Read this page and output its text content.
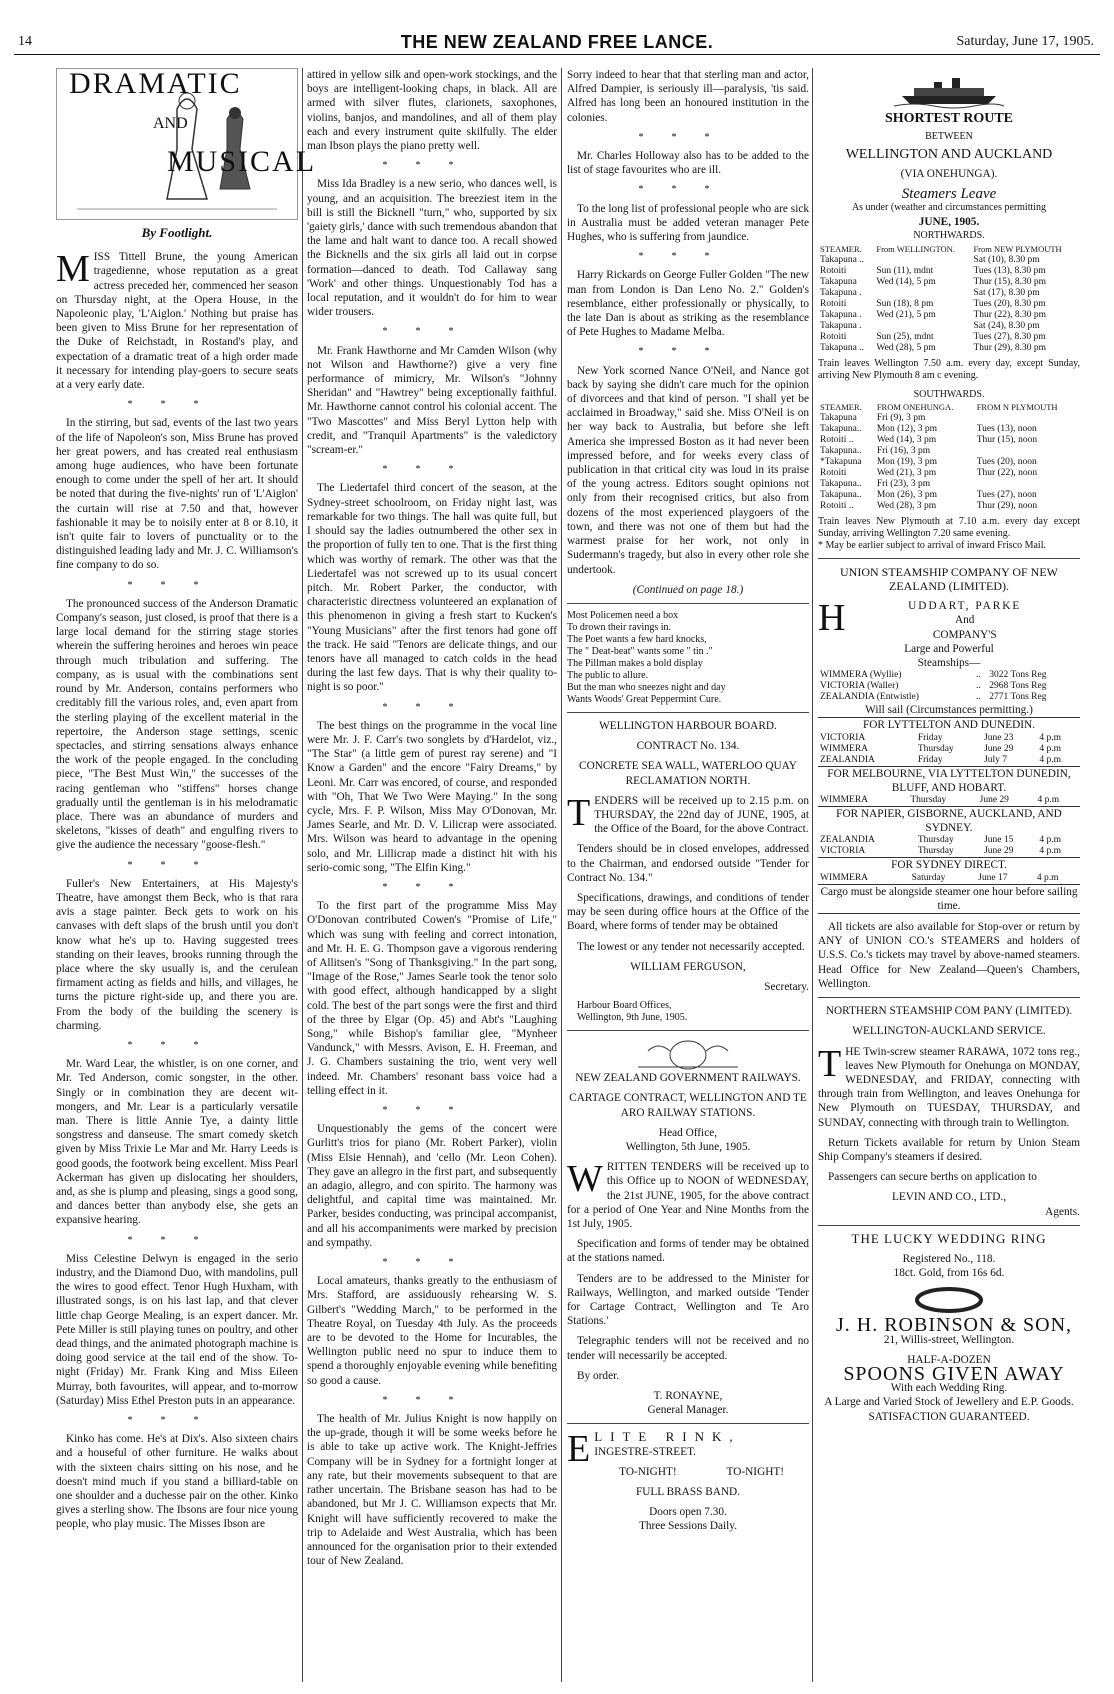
14	THE NEW ZEALAND FREE LANCE.	Saturday, June 17, 1905.
DRAMATIC
AND
MUSICAL
By Footlight.

MISS Tittell Brune, the young American tragedienne, whose reputation as a great actress preceded her, commenced her season on Thursday night, at the Opera House, in the Napoleonic play, 'L'Aiglon.' Nothing but praise has been given to Miss Brune for her representation of the Duke of Reichstadt, in Rostand's play, and expectation of a dramatic treat of a high order made it necessary for intending play-goers to secure seats at a very early date.

***

In the stirring, but sad, events of the last two years of the life of Napoleon's son, Miss Brune has proved her great powers, and has created real enthusiasm among huge audiences, who have been fortunate enough to come under the spell of her art. It should be noted that during the five-nights' run of 'L'Aiglon' the curtain will rise at 7.50 and that, however fashionable it may be to noisily enter at 8 or 8.10, it isn't quite fair to lovers of punctuality or to the distinguished leading lady and Mr. J. C. Williamson's fine company to do so.

***

The pronounced success of the Anderson Dramatic Company's season, just closed, is proof that there is a large local demand for the stirring stage stories wherein the suffering heroines and heroes win peace through much tribulation and suffering. The company, as is usual with the combinations sent round by Mr. Anderson, contains performers who creditably fill the various roles, and, even apart from the sterling playing of the excellent material in the repertoire, the Anderson stage settings, scenic spectacles, and stirring sensations always enhance the work of the people engaged. In the concluding piece, "The Best Must Win," the successes of the racing gentleman who "stiffens" horses change gradually until the gentleman is in his melodramatic place. There was an abundance of murders and skeletons, "kisses of death" and engulfing rivers to give the audience the necessary "goose-flesh."

***

Fuller's New Entertainers, at His Majesty's Theatre, have amongst them Beck, who is that rara avis a stage painter. Beck gets to work on his canvases with deft slaps of the brush until you don't know what he's up to. Having suggested trees standing on their leaves, brooks running through the place where the sky usually is, and the cerulean firmament acting as fields and hills, and villages, he turns the picture right-side up, and there you are. From the body of the building the scenery is charming.

***

Mr. Ward Lear, the whistler, is on one corner, and Mr. Ted Anderson, comic songster, in the other. Singly or in combination they are decent wit-mongers, and Mr. Lear is a particularly versatile man. There is little Annie Tye, a dainty little songstress and danseuse. The smart comedy sketch given by Miss Trixie Le Mar and Mr. Harry Leeds is good goods, the footwork being excellent. Miss Pearl Ackerman has given up dislocating her shoulders, and, as she is plump and pleasing, sings a good song, and dances better than anybody else, she gets an expansive hearing.

***

Miss Celestine Delwyn is engaged in the serio industry, and the Diamond Duo, with mandolins, pull the wires to good effect. Tenor Hugh Huxham, with illustrated songs, is on his last lap, and that clever little chap George Mealing, is an expert dancer. Mr. Pete Miller is still playing tunes on poultry, and other dead things, and the animated photograph machine is doing good service at the tail end of the show. To-night (Friday) Mr. Frank King and Miss Eileen Murray, both favourites, will appear, and to-morrow (Saturday) Miss Ethel Preston puts in an appearance.

***

Kinko has come. He's at Dix's. Also sixteen chairs and a houseful of other furniture. He walks about with the sixteen chairs sitting on his nose, and he doesn't mind much if you stand a billiard-table on one shoulder and a duchesse pair on the other. Kinko gives a sterling show. The Ibsons are four nice young people, who play music. The Misses Ibson are

attired in yellow silk and open-work stockings, and the boys are intelligent-looking chaps, in black. All are armed with silver flutes, clarionets, saxophones, violins, banjos, and mandolines, and all of them play each and every instrument quite skilfully. The elder man Ibson plays the piano pretty well.

***

Miss Ida Bradley is a new serio, who dances well, is young, and an acquisition. The breeziest item in the bill is still the Bicknell "turn," who, supported by six 'gaiety girls,' dance with such tremendous abandon that the lame and halt want to dance too. A recall showed the Bicknells and the six girls all laid out in corpse formation—danced to death. Tod Callaway sang 'Work' and other things. Unquestionably Tod has a local reputation, and it wouldn't do for him to wear wider trousers.

***

Mr. Frank Hawthorne and Mr Camden Wilson (why not Wilson and Hawthorne?) give a very fine performance of mimicry, Mr. Wilson's "Johnny Sheridan" and "Hawtrey" being exceptionally faithful. Mr. Hawthorne cannot control his colonial accent. The "Two Mascottes" and Miss Beryl Lytton help with credit, and "Tranquil Apartments" is the valedictory "scream-er."

***

The Liedertafel third concert of the season, at the Sydney-street schoolroom, on Friday night last, was remarkable for two things. The hall was quite full, but I should say the ladies outnumbered the other sex in the proportion of fully ten to one. That is the first thing which was worthy of remark. The other was that the Liedertafel was not screwed up to its usual concert pitch. Mr. Robert Parker, the conductor, with characteristic directness volunteered an explanation of this phenomenon in giving a fresh start to Kucken's "Young Musicians" after the first tenors had gone off the track. He said "Tenors are delicate things, and our tenors have all managed to catch colds in the head during the last few days. That is why their quality to-night is so poor."

***

The best things on the programme in the vocal line were Mr. J. F. Carr's two songlets by d'Hardelot, viz., "The Star" (a little gem of purest ray serene) and "I Know a Garden" and the encore "Fairy Dreams," by Leoni. Mr. Carr was encored, of course, and responded with "Oh, That We Two Were Maying." In the song cycle, Mrs. F. P. Wilson, Miss May O'Donovan, Mr. James Searle, and Mr. D. V. Lilicrap were associated. Mrs. Wilson was heard to advantage in the opening solo, and Mr. Lillicrap made a distinct hit with his serio-comic song, "The Elfin King."

***

To the first part of the programme Miss May O'Donovan contributed Cowen's "Promise of Life," which was sung with feeling and correct intonation, and Mr. H. E. G. Thompson gave a vigorous rendering of Allitsen's "Song of Thanksgiving." In the part song, "Image of the Rose," James Searle took the tenor solo with good effect, although handicapped by a slight cold. The best of the part songs were the first and third of the three by Elgar (Op. 45) and Abt's "Laughing Song," while Bishop's familiar glee, "Mynheer Vandunck," with Messrs. Avison, E. H. Freeman, and J. G. Chambers sustaining the trio, went very well indeed. Mr. Chambers' resonant bass voice had a telling effect in it.

***

Unquestionably the gems of the concert were Gurlitt's trios for piano (Mr. Robert Parker), violin (Miss Elsie Hennah), and 'cello (Mr. Leon Cohen). They gave an allegro in the first part, and subsequently an adagio, allegro, and con spirito. The harmony was delightful, and capital time was maintained. Mr. Parker, besides conducting, was principal accompanist, and all his accompaniments were marked by precision and sympathy.

***

Local amateurs, thanks greatly to the enthusiasm of Mrs. Stafford, are assiduously rehearsing W. S. Gilbert's "Wedding March," to be performed in the Theatre Royal, on Tuesday 4th July. As the proceeds are to be devoted to the Home for Incurables, the Wellington public need no spur to induce them to spend a thoroughly enjoyable evening while benefiting so good a cause.

***

The health of Mr. Julius Knight is now happily on the up-grade, though it will be some weeks before he is able to take up active work. The Knight-Jeffries Company will be in Sydney for a fortnight longer at any rate, but their movements subsequent to that are rather uncertain. The Brisbane season has had to be abandoned, but Mr J. C. Williamson expects that Mr. Knight will have sufficiently recovered to make the trip to Adelaide and West Australia, which has been announced for the organisation prior to their extended tour of New Zealand.

Sorry indeed to hear that that sterling man and actor, Alfred Dampier, is seriously ill—paralysis, 'tis said. Alfred has long been an honoured institution in the colonies.

***

Mr. Charles Holloway also has to be added to the list of stage favourites who are ill.

***

To the long list of professional people who are sick in Australia must be added veteran manager Pete Hughes, who is suffering from jaundice.

***

Harry Rickards on George Fuller Golden "The new man from London is Dan Leno No. 2." Golden's resemblance, either professionally or physically, to the late Dan is about as striking as the resemblance of Pete Hughes to Madame Melba.

***

New York scorned Nance O'Neil, and Nance got back by saying she didn't care much for the opinion of divorcees and that kind of person. "I shall yet be acclaimed in Broadway," said she. Miss O'Neil is on her way back to Australia, but before she left America she impressed Boston as it had never been impressed before, and for weeks every class of publication in that critical city was loud in its praise of the young actress. Editors sought opinions not only from their recognised critics, but also from dozens of the most experienced playgoers of the town, and there was not one of them but had the warmest praise for her work, not only in Sudermann's tragedy, but also in every other role she undertook.

(Continued on page 18.)

Most Policemen need a box
To drown their ravings in.
The Poet wants a few hard knocks,
The " Deat-beat" wants some " tin ."
The Pillman makes a bold display
The public to allure.
But the man who sneezes night and day
Wants Woods' Great Peppermint Cure.

WELLINGTON HARBOUR BOARD.

CONTRACT No. 134.

CONCRETE SEA WALL, WATERLOO QUAY RECLAMATION NORTH.

TENDERS will be received up to 2.15 p.m. on THURSDAY, the 22nd day of JUNE, 1905, at the Office of the Board, for the above Contract.

Tenders should be in closed envelopes, addressed to the Chairman, and endorsed outside "Tender for Contract No. 134."

Specifications, drawings, and conditions of tender may be seen during office hours at the Office of the Board, where forms of tender may be obtained

The lowest or any tender not necessarily accepted.

WILLIAM FERGUSON,

Secretary.

Harbour Board Offices,

Wellington, 9th June, 1905.

NEW ZEALAND GOVERNMENT RAILWAYS.

CARTAGE CONTRACT, WELLINGTON AND TE ARO RAILWAY STATIONS.

Head Office,

Wellington, 5th June, 1905.

WRITTEN TENDERS will be received up to this Office up to NOON of WEDNESDAY, the 21st JUNE, 1905, for the above contract for a period of One Year and Nine Months from the 1st July, 1905.

Specification and forms of tender may be obtained at the stations named.

Tenders are to be addressed to the Minister for Railways, Wellington, and marked outside 'Tender for Cartage Contract, Wellington and Te Aro Stations.'

Telegraphic tenders will not be received and no tender will necessarily be accepted.

By order.

T. RONAYNE,

General Manager.

E LITE RINK,
INGESTRE-STREET.
TO-NIGHT!	TO-NIGHT!

FULL BRASS BAND.

Doors open 7.30.

Three Sessions Daily.

SHORTEST ROUTE
BETWEEN
WELLINGTON AND AUCKLAND
(VIA ONEHUNGA).
Steamers Leave
As under (weather and circumstances permitting
JUNE, 1905.
NORTHWARDS.
STEAMER.	From WELLINGTON.	From NEW PLYMOUTH
Takapuna ..		Sat (10), 8.30 pm
Rotoiti	Sun (11), mdnt	Tues (13), 8.30 pm
Takapuna	Wed (14), 5 pm	Thur (15), 8.30 pm
Takapuna .		Sat (17), 8.30 pm
Rotoiti	Sun (18), 8 pm	Tues (20), 8.30 pm
Takapuna .	Wed (21), 5 pm	Thur (22), 8.30 pm
Takapuna .		Sat (24), 8.30 pm
Rotoiti	Sun (25), mdnt	Tues (27), 8.30 pm
Takapuna ..	Wed (28), 5 pm	Thur (29), 8.30 pm

Train leaves Wellington 7.50 a.m. every day, except Sunday, arriving New Plymouth 8 am c evening.

SOUTHWARDS.
STEAMER.	FROM ONEHUNGA.	FROM N PLYMOUTH
Takapuna	Fri (9), 3 pm	
Takapuna..	Mon (12), 3 pm	Tues (13), noon
Rotoiti ..	Wed (14), 3 pm	Thur (15), noon
Takapuna..	Fri (16), 3 pm	
*Takapuna	Mon (19), 3 pm	Tues (20), noon
Rotoiti	Wed (21), 3 pm	Thur (22), noon
Takapuna..	Fri (23), 3 pm	
Takapuna..	Mon (26), 3 pm	Tues (27), noon
Rotoiti ..	Wed (28), 3 pm	Thur (29), noon

Train leaves New Plymouth at 7.10 a.m. every day except Sunday, arriving Wellington 7.20 same evening.

* May be earlier subject to arrival of inward Frisco Mail.

UNION STEAMSHIP COMPANY OF NEW ZEALAND (LIMITED).

H	UDDART, PARKE
And
COMPANY'S
Large and Powerful
Steamships—
WIMMERA (Wyllie)	..	3022 Tons Reg
VICTORIA (Waller)	..	2968 Tons Reg
ZEALANDIA (Entwistle)	..	2771 Tons Reg
Will sail (Circumstances permitting.)
FOR LYTTELTON AND DUNEDIN.
VICTORIA	Friday	June 23	4 p.m
WIMMERA	Thursday	June 29	4 p.m
ZEALANDIA	Friday	July 7	4 p.m
FOR MELBOURNE, VIA LYTTELTON DUNEDIN, BLUFF, AND HOBART.
WIMMERA	Thursday	June 29	4 p.m
FOR NAPIER, GISBORNE, AUCKLAND, AND SYDNEY.
ZEALANDIA	Thursday	June 15	4 p.m
VICTORIA	Thursday	June 29	4 p.m
FOR SYDNEY DIRECT.
WIMMERA	Saturday	June 17	4 p.m

Cargo must be alongside steamer one hour before sailing time.

All tickets are also available for Stop-over or return by ANY of UNION CO.'s STEAMERS and holders of U.S.S. Co.'s tickets may travel by above-named steamers. Head Office for New Zealand—Queen's Chambers, Wellington.

NORTHERN STEAMSHIP COM PANY (LIMITED).

WELLINGTON-AUCKLAND SERVICE.

THE Twin-screw steamer RARAWA, 1072 tons reg., leaves New Plymouth for Onehunga on MONDAY, WEDNESDAY, and FRIDAY, connecting with through train from Wellington, and leaves Onehunga for New Plymouth on TUESDAY, THURSDAY, and SUNDAY, connecting with through train to Wellington.

Return Tickets available for return by Union Steam Ship Company's steamers if desired.

Passengers can secure berths on application to

LEVIN AND CO., LTD.,

Agents.

THE LUCKY WEDDING RING

Registered No., 118.

18ct. Gold, from 16s 6d.

J. H. ROBINSON & SON,

21, Willis-street, Wellington.

HALF-A-DOZEN

SPOONS GIVEN AWAY

With each Wedding Ring.

A Large and Varied Stock of Jewellery and E.P. Goods.

SATISFACTION GUARANTEED.
